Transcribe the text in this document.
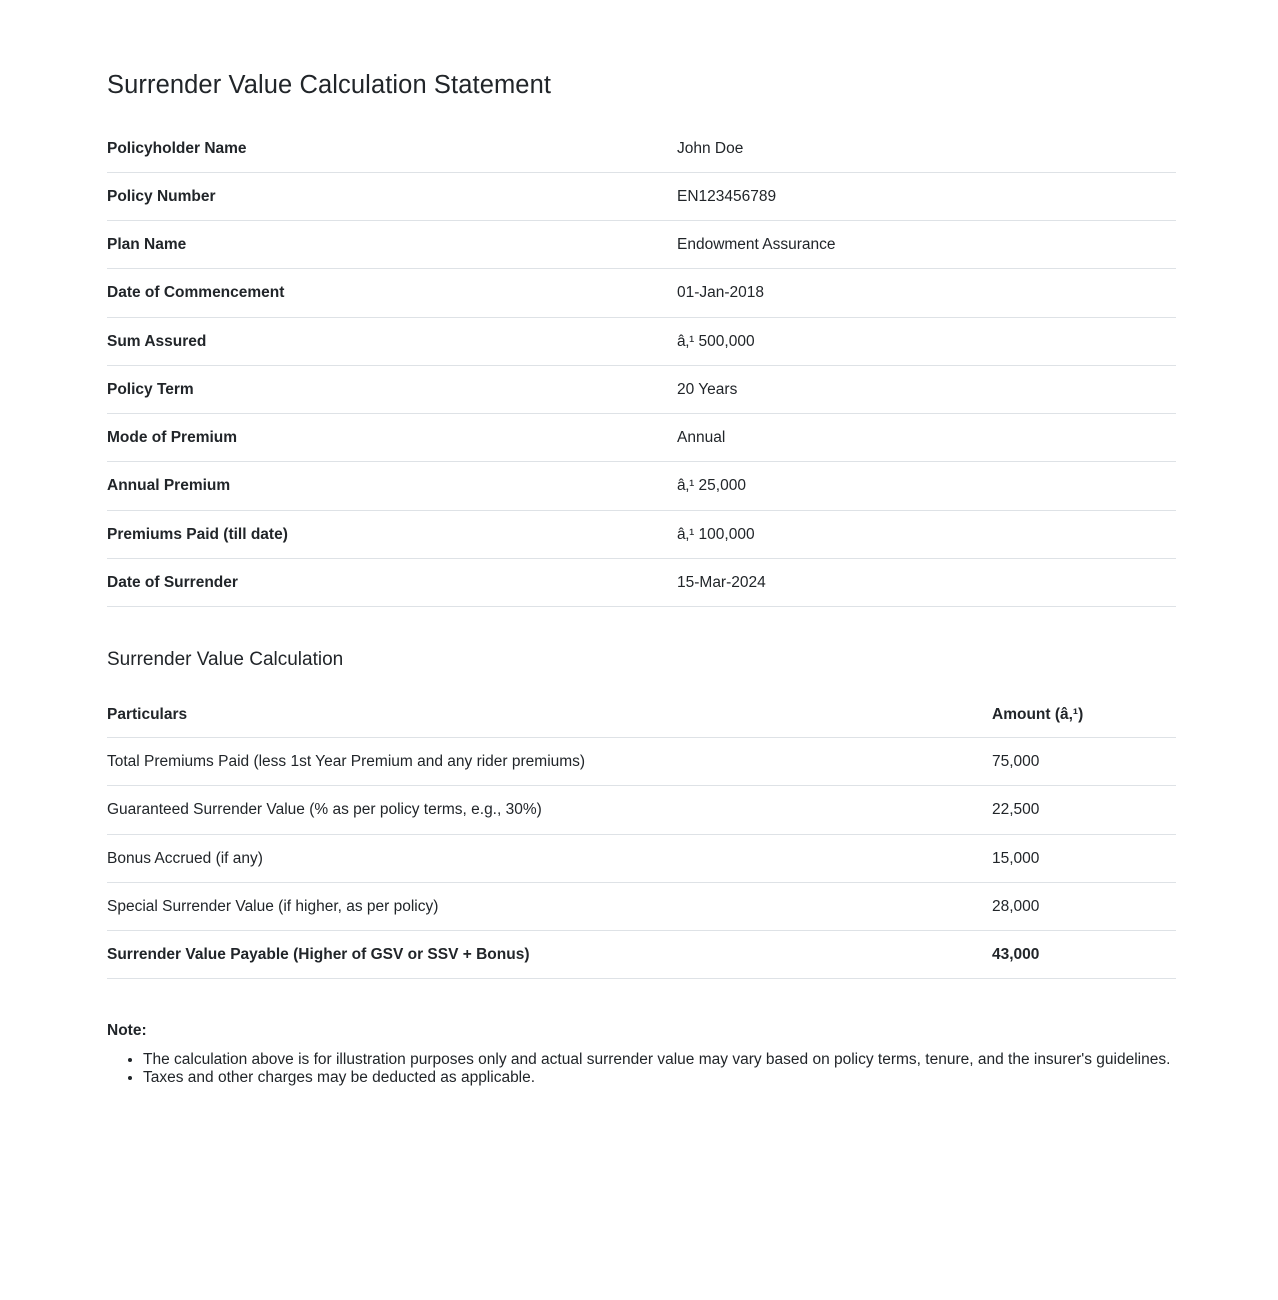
Surrender Value Calculation Statement
Policyholder Name	John Doe
Policy Number	EN123456789
Plan Name	Endowment Assurance
Date of Commencement	01-Jan-2018
Sum Assured	â‚¹ 500,000
Policy Term	20 Years
Mode of Premium	Annual
Annual Premium	â‚¹ 25,000
Premiums Paid (till date)	â‚¹ 100,000
Date of Surrender	15-Mar-2024
Surrender Value Calculation
Particulars	Amount (â‚¹)
Total Premiums Paid (less 1st Year Premium and any rider premiums)	75,000
Guaranteed Surrender Value (% as per policy terms, e.g., 30%)	22,500
Bonus Accrued (if any)	15,000
Special Surrender Value (if higher, as per policy)	28,000
Surrender Value Payable (Higher of GSV or SSV + Bonus)	43,000

Note:

• The calculation above is for illustration purposes only and actual surrender value may vary based on policy terms, tenure, and the insurer's guidelines.
• Taxes and other charges may be deducted as applicable.
